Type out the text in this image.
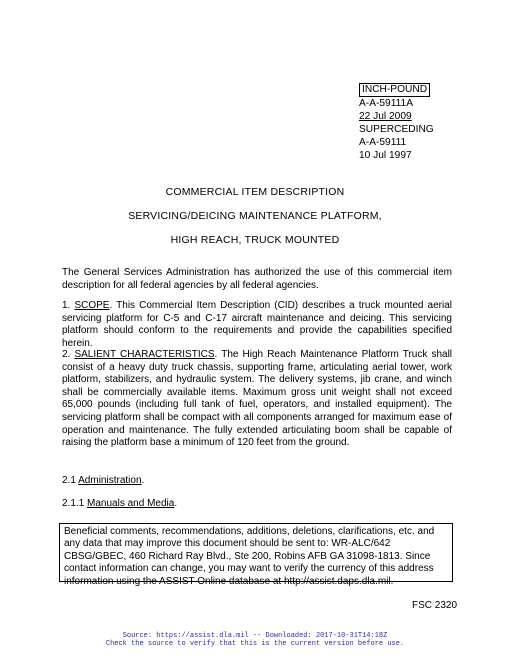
INCH-POUND
A-A-59111A
22 Jul 2009
SUPERCEDING
A-A-59111
10 Jul 1997
COMMERCIAL ITEM DESCRIPTION
SERVICING/DEICING MAINTENANCE PLATFORM,
HIGH REACH, TRUCK MOUNTED
The General Services Administration has authorized the use of this commercial item description for all federal agencies by all federal agencies.
1. SCOPE. This Commercial Item Description (CID) describes a truck mounted aerial servicing platform for C-5 and C-17 aircraft maintenance and deicing. This servicing platform should conform to the requirements and provide the capabilities specified herein.
2. SALIENT CHARACTERISTICS. The High Reach Maintenance Platform Truck shall consist of a heavy duty truck chassis, supporting frame, articulating aerial tower, work platform, stabilizers, and hydraulic system. The delivery systems, jib crane, and winch shall be commercially available items. Maximum gross unit weight shall not exceed 65,000 pounds (including full tank of fuel, operators, and installed equipment). The servicing platform shall be compact with all components arranged for maximum ease of operation and maintenance. The fully extended articulating boom shall be capable of raising the platform base a minimum of 120 feet from the ground.
2.1 Administration.
2.1.1 Manuals and Media.
Beneficial comments, recommendations, additions, deletions, clarifications, etc. and any data that may improve this document should be sent to: WR-ALC/642 CBSG/GBEC, 460 Richard Ray Blvd., Ste 200, Robins AFB GA 31098-1813. Since contact information can change, you may want to verify the currency of this address information using the ASSIST Online database at http://assist.daps.dla.mil.
FSC 2320
Source: https://assist.dla.mil -- Downloaded: 2017-10-31T14:18Z
Check the source to verify that this is the current version before use.
